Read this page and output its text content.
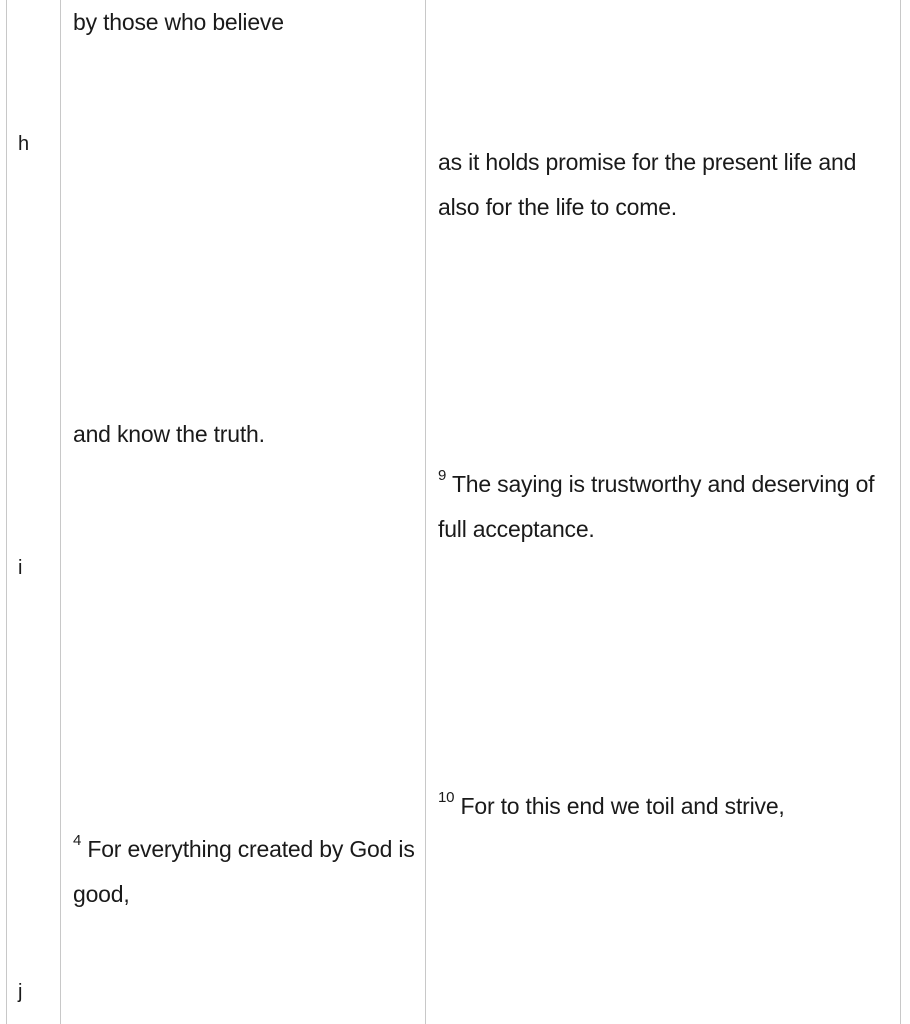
h
by those who believe
as it holds promise for the present life and also for the life to come.
i
and know the truth.
$^9$ The saying is trustworthy and deserving of full acceptance.
j
$^4$ For everything created by God is good,
$^{10}$ For to this end we toil and strive,
